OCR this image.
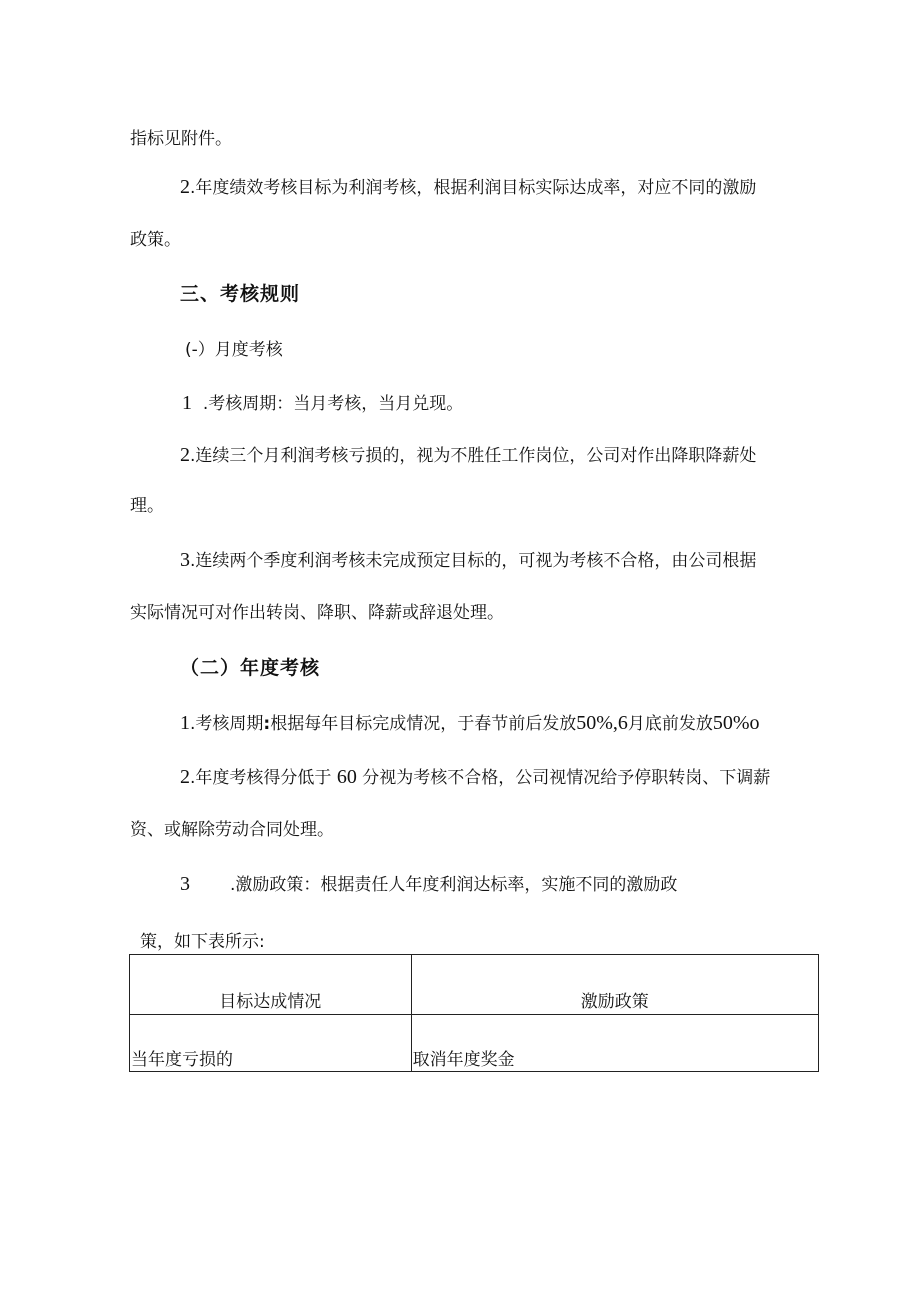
指标见附件。
2.年度绩效考核目标为利润考核，根据利润目标实际达成率，对应不同的激励
政策。
三、考核规则
(-）月度考核
1 .考核周期：当月考核，当月兑现。
2.连续三个月利润考核亏损的，视为不胜任工作岗位，公司对作出降职降薪处
理。
3.连续两个季度利润考核未完成预定目标的，可视为考核不合格，由公司根据
实际情况可对作出转岗、降职、降薪或辞退处理。
（二）年度考核
1.考核周期:根据每年目标完成情况，于春节前后发放50%,6月底前发放50%o
2.年度考核得分低于 60 分视为考核不合格，公司视情况给予停职转岗、下调薪
资、或解除劳动合同处理。
3 .激励政策：根据责任人年度利润达标率，实施不同的激励政
策，如下表所示:
目标达成情况	激励政策
当年度亏损的	取消年度奖金
